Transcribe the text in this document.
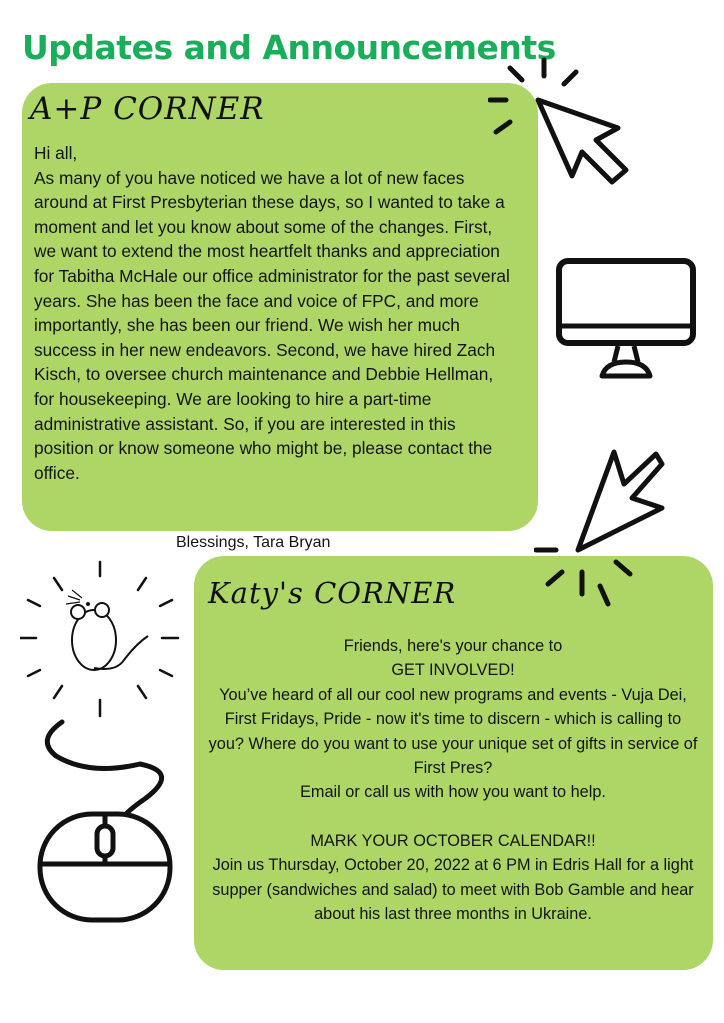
Updates and Announcements
A+P CORNER

Hi all,

As many of you have noticed we have a lot of new faces around at First Presbyterian these days, so I wanted to take a moment and let you know about some of the changes. First, we want to extend the most heartfelt thanks and appreciation for Tabitha McHale our office administrator for the past several years. She has been the face and voice of FPC, and more importantly, she has been our friend. We wish her much success in her new endeavors. Second, we have hired Zach Kisch, to oversee church maintenance and Debbie Hellman, for housekeeping. We are looking to hire a part-time administrative assistant. So, if you are interested in this position or know someone who might be, please contact the office.

Blessings, Tara Bryan
Katy's CORNER

Friends, here's your chance to

GET INVOLVED!

You’ve heard of all our cool new programs and events - Vuja Dei, First Fridays, Pride - now it's time to discern - which is calling to you? Where do you want to use your unique set of gifts in service of First Pres?

Email or call us with how you want to help.

MARK YOUR OCTOBER CALENDAR!!

Join us Thursday, October 20, 2022 at 6 PM in Edris Hall for a light supper (sandwiches and salad) to meet with Bob Gamble and hear about his last three months in Ukraine.
